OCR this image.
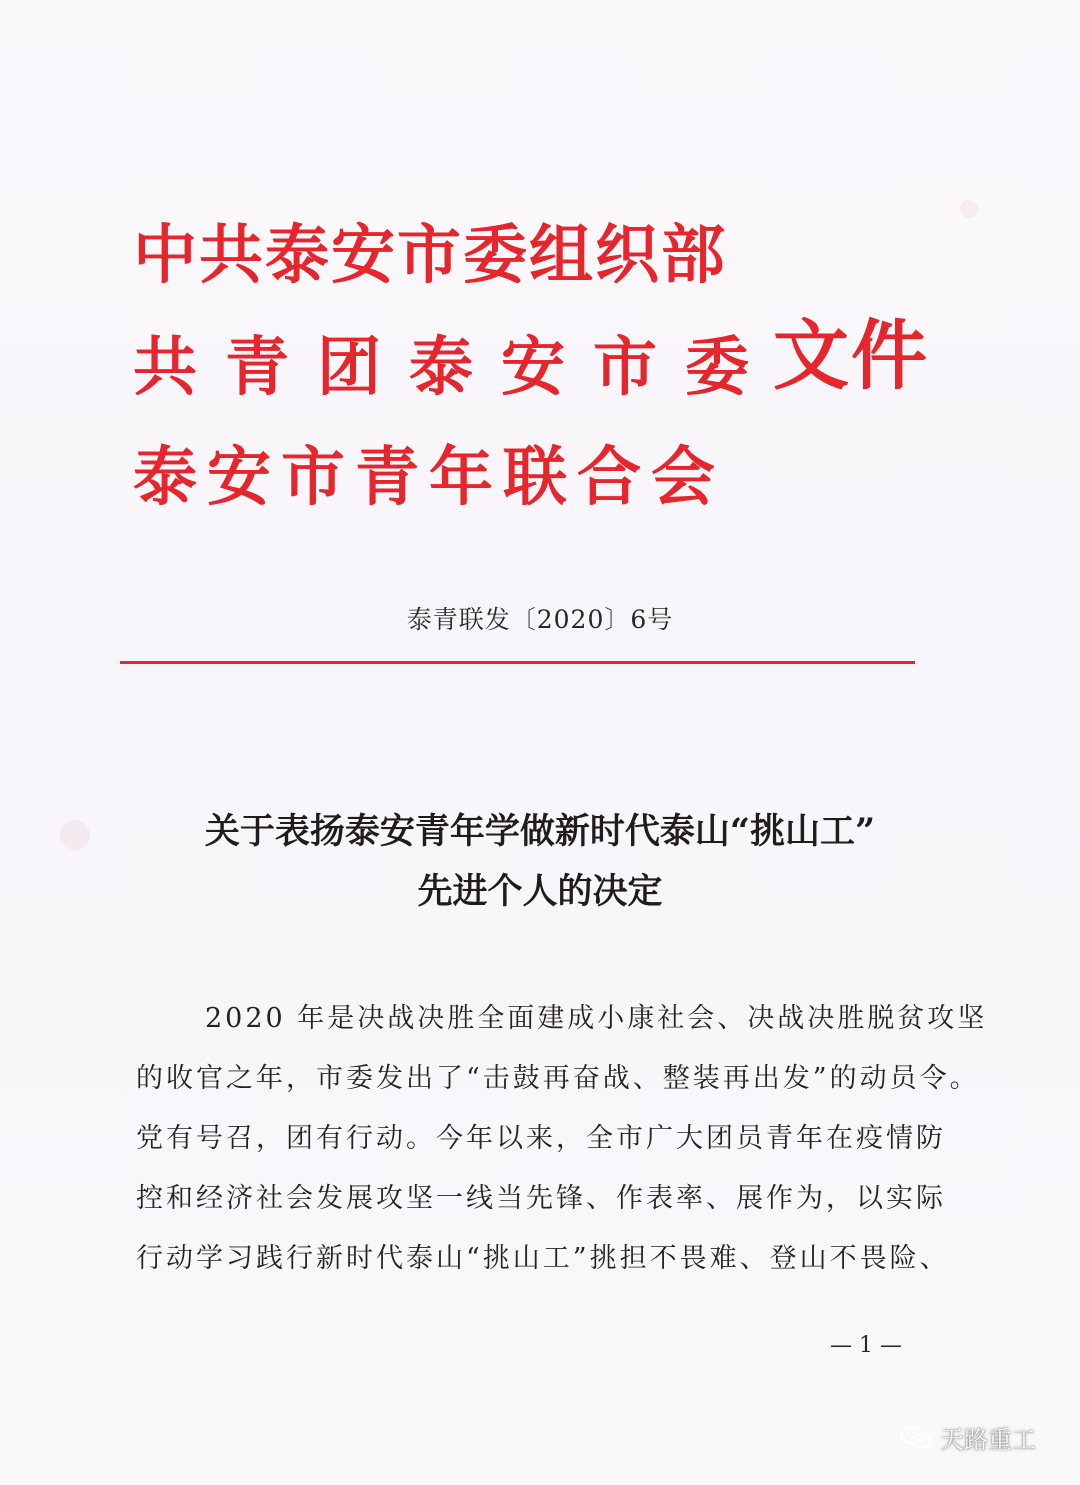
中共泰安市委组织部
共青团泰安市委
泰安市青年联合会
文件
泰青联发〔2020〕6号
关于表扬泰安青年学做新时代泰山“挑山工”
先进个人的决定
2020 年是决战决胜全面建成小康社会、决战决胜脱贫攻坚
的收官之年，市委发出了“击鼓再奋战、整装再出发”的动员令。
党有号召，团有行动。今年以来，全市广大团员青年在疫情防
控和经济社会发展攻坚一线当先锋、作表率、展作为，以实际
行动学习践行新时代泰山“挑山工”挑担不畏难、登山不畏险、
— 1 —
天路重工
